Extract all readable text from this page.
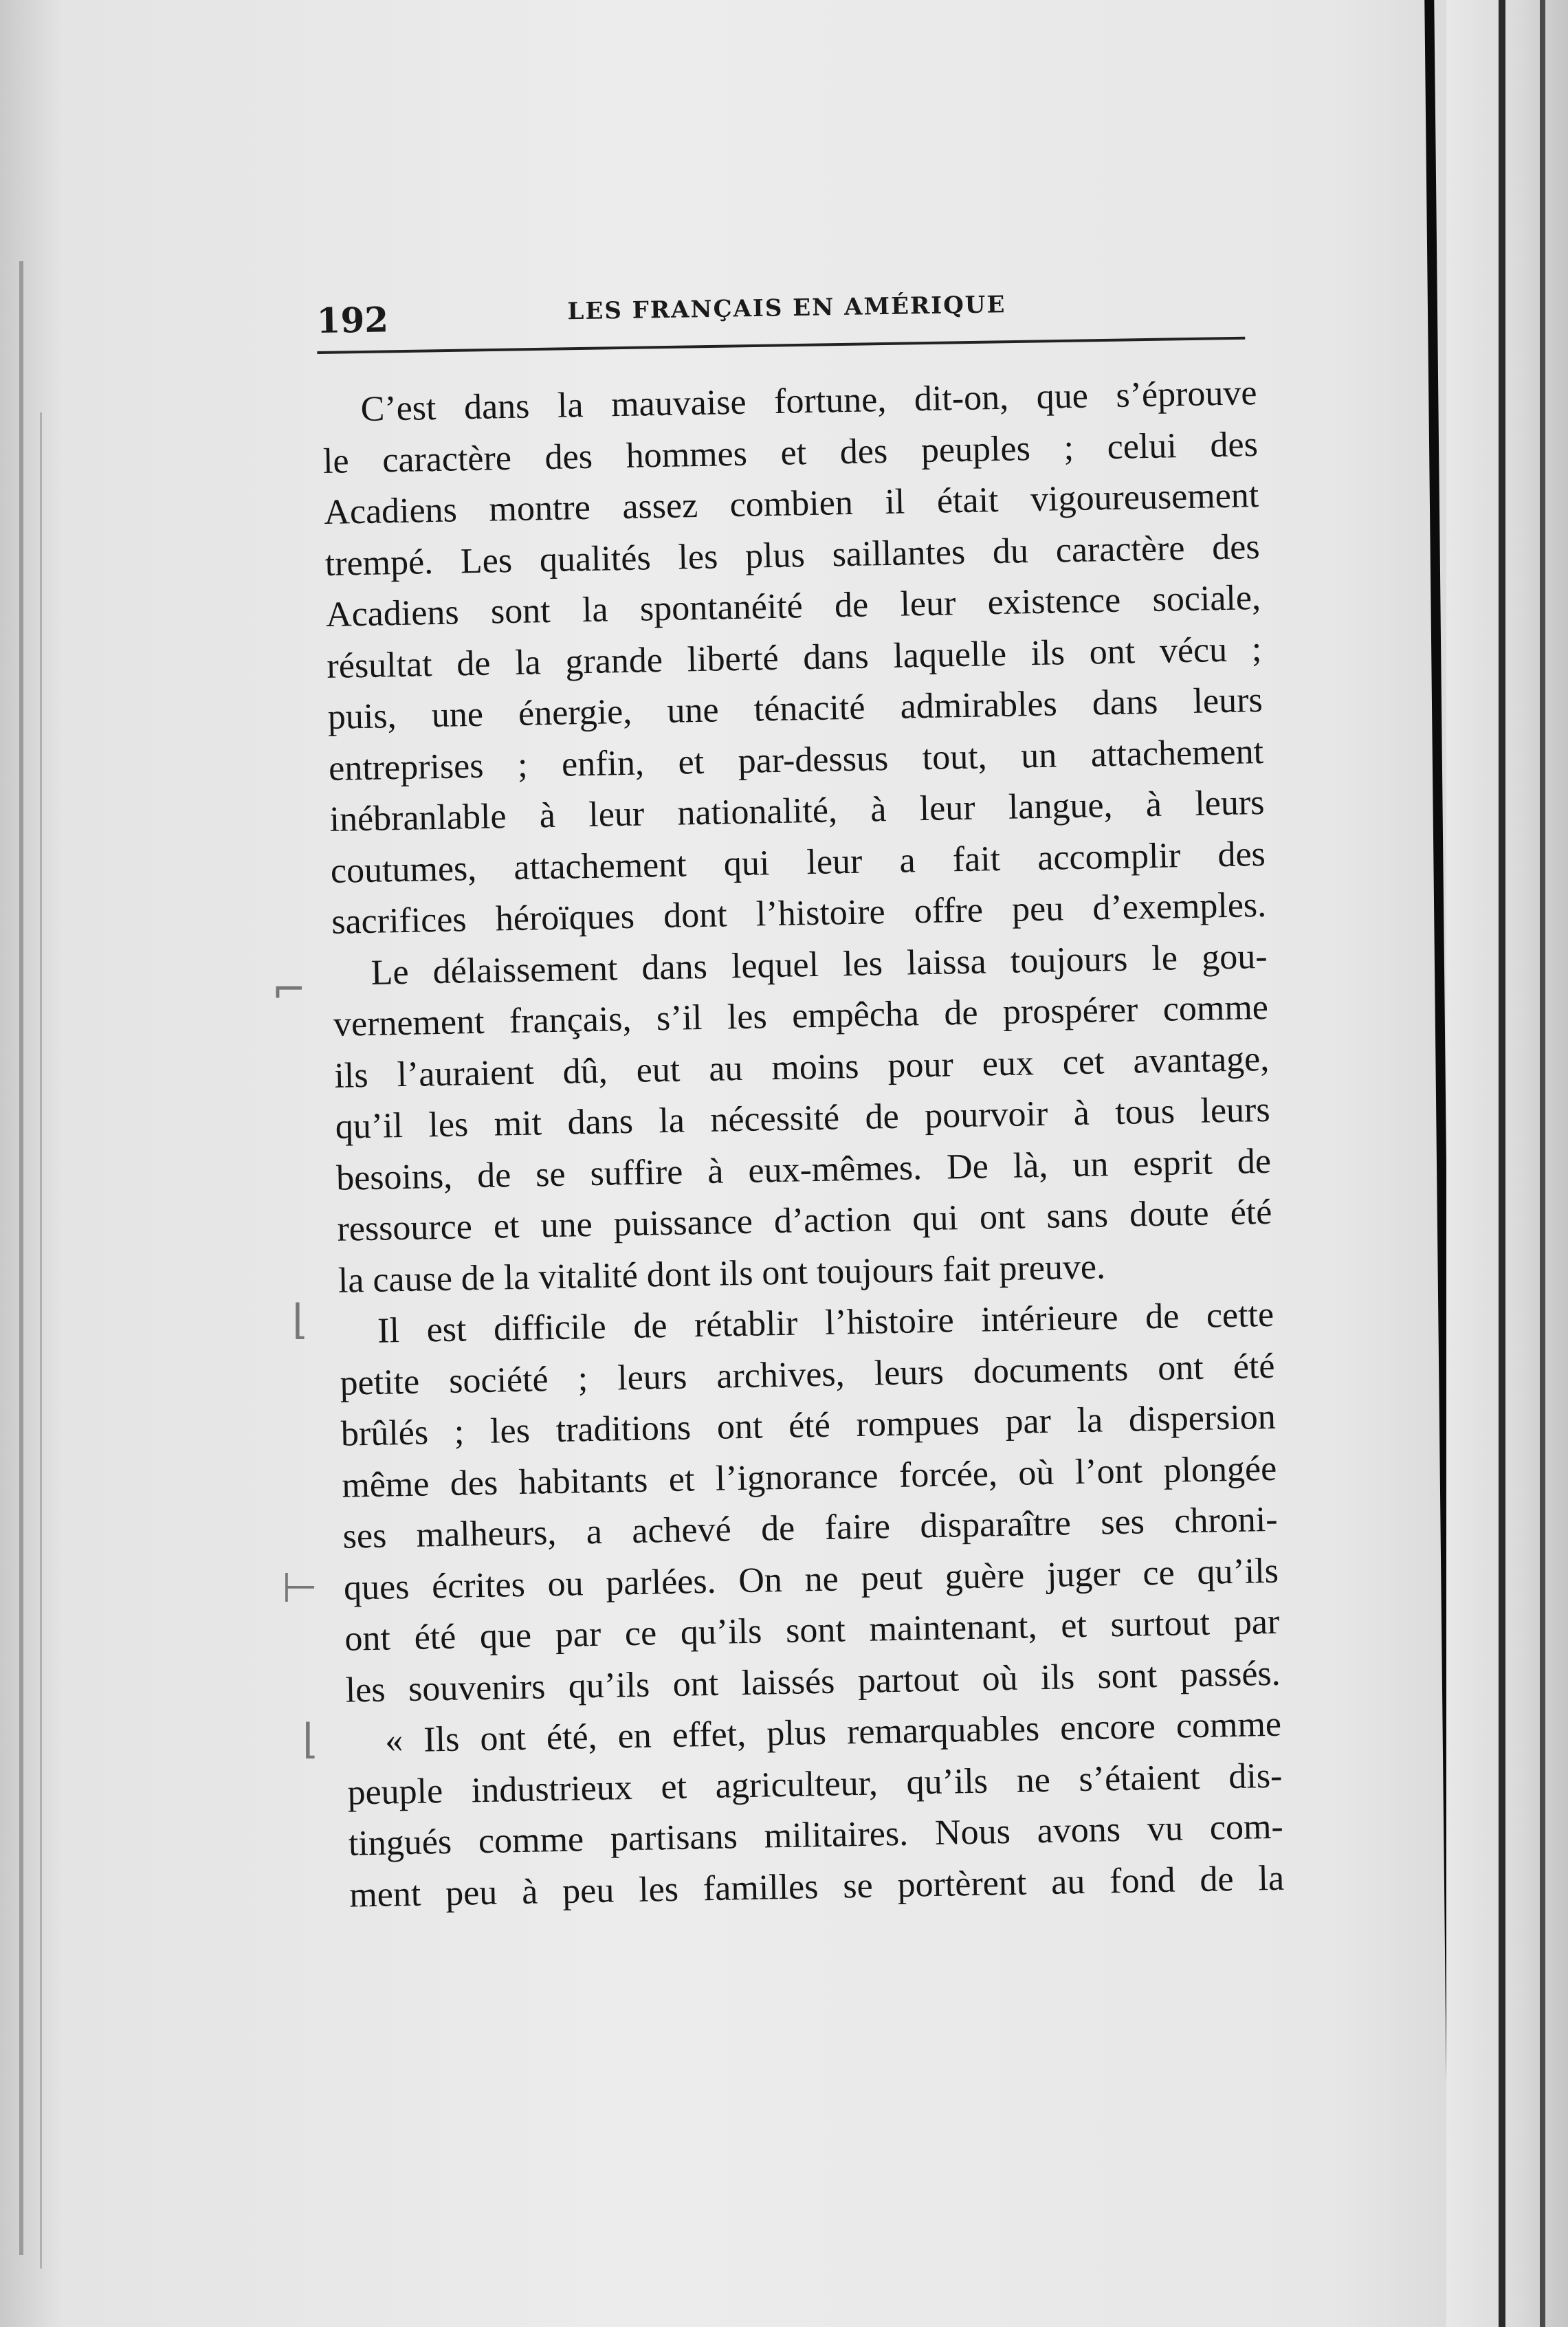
192	LES FRANÇAIS EN AMÉRIQUE
C’est dans la mauvaise fortune, dit-on, que s’éprouve
le caractère des hommes et des peuples ; celui des
Acadiens montre assez combien il était vigoureusement
trempé. Les qualités les plus saillantes du caractère des
Acadiens sont la spontanéité de leur existence sociale,
résultat de la grande liberté dans laquelle ils ont vécu ;
puis, une énergie, une ténacité admirables dans leurs
entreprises ; enfin, et par-dessus tout, un attachement
inébranlable à leur nationalité, à leur langue, à leurs
coutumes, attachement qui leur a fait accomplir des
sacrifices héroïques dont l’histoire offre peu d’exemples.
Le délaissement dans lequel les laissa toujours le gou-
vernement français, s’il les empêcha de prospérer comme
ils l’auraient dû, eut au moins pour eux cet avantage,
qu’il les mit dans la nécessité de pourvoir à tous leurs
besoins, de se suffire à eux-mêmes. De là, un esprit de
ressource et une puissance d’action qui ont sans doute été
la cause de la vitalité dont ils ont toujours fait preuve.
Il est difficile de rétablir l’histoire intérieure de cette
petite société ; leurs archives, leurs documents ont été
brûlés ; les traditions ont été rompues par la dispersion
même des habitants et l’ignorance forcée, où l’ont plongée
ses malheurs, a achevé de faire disparaître ses chroni-
ques écrites ou parlées. On ne peut guère juger ce qu’ils
ont été que par ce qu’ils sont maintenant, et surtout par
les souvenirs qu’ils ont laissés partout où ils sont passés.
« Ils ont été, en effet, plus remarquables encore comme
peuple industrieux et agriculteur, qu’ils ne s’étaient dis-
tingués comme partisans militaires. Nous avons vu com-
ment peu à peu les familles se portèrent au fond de la
⌐
⌊
⊢
⌊
